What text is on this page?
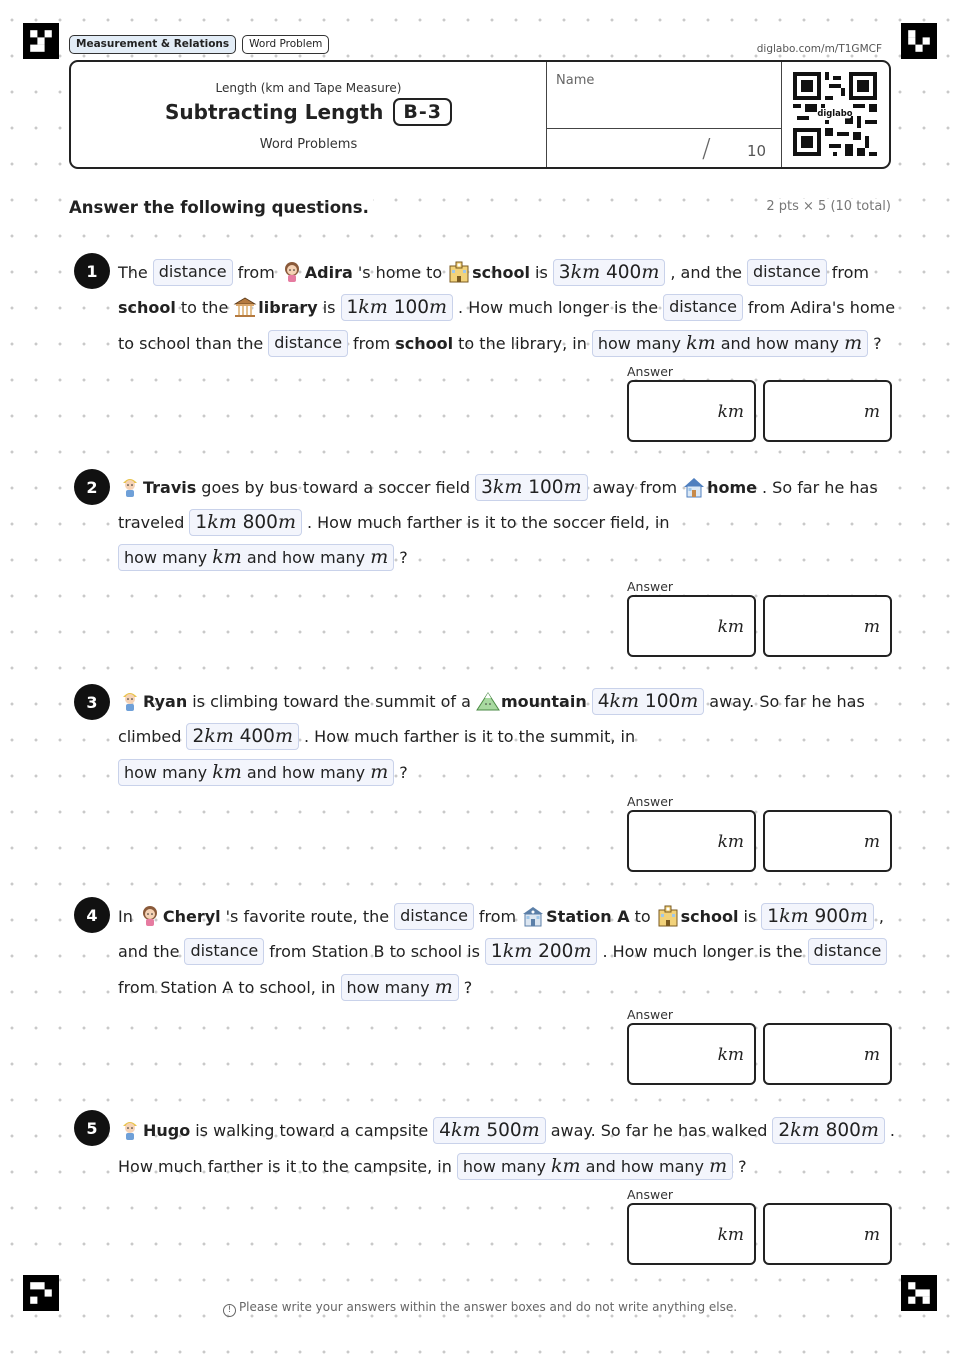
Measurement & Relations	Word Problem	diglabo.com/m/T1GMCF
Length (km and Tape Measure)
Subtracting Length	B-3
Word Problems
Name
/ 10
diglabo
Answer the following questions.	2 pts × 5 (10 total)
1	The distance from Adira 's home to school is 3km 400m , and the distance from
school to the library is 1km 100m . How much longer is the distance from Adira's home
to school than the distance from school to the library, in how many km and how many m ?
Answer
km	m
2	Travis goes by bus toward a soccer field 3km 100m away from home . So far he has
traveled 1km 800m . How much farther is it to the soccer field, in
how many km and how many m ?
Answer
km	m
3	Ryan is climbing toward the summit of a mountain 4km 100m away. So far he has
climbed 2km 400m . How much farther is it to the summit, in
how many km and how many m ?
Answer
km	m
4	In Cheryl 's favorite route, the distance from Station A to school is 1km 900m ,
and the distance from Station B to school is 1km 200m . How much longer is the distance
from Station A to school, in how many m ?
Answer
km	m
5	Hugo is walking toward a campsite 4km 500m away. So far he has walked 2km 800m .
How much farther is it to the campsite, in how many km and how many m ?
Answer
km	m
! Please write your answers within the answer boxes and do not write anything else.
